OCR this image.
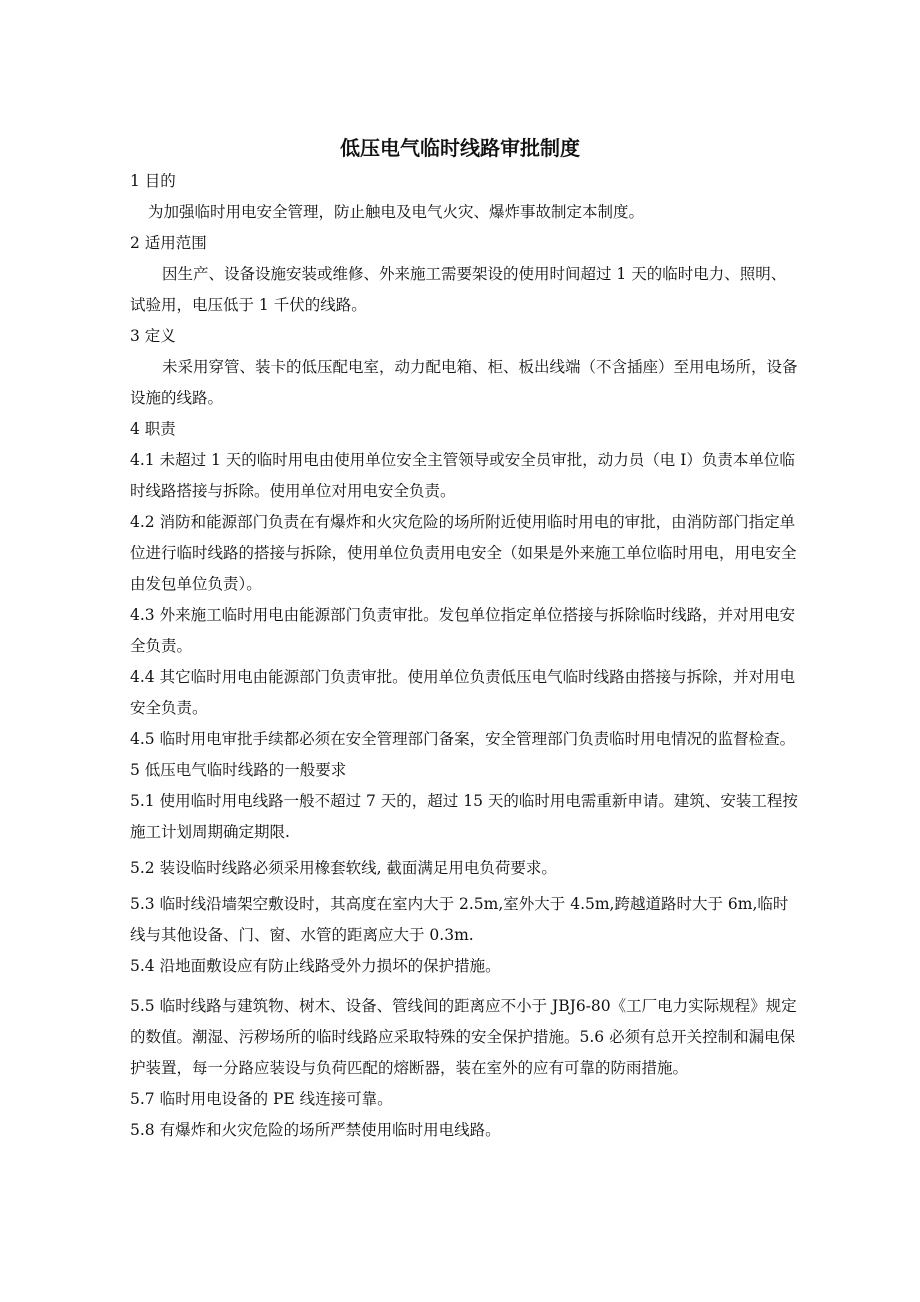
低压电气临时线路审批制度

1 目的

为加强临时用电安全管理，防止触电及电气火灾、爆炸事故制定本制度。

2 适用范围

因生产、设备设施安装或维修、外来施工需要架设的使用时间超过 1 天的临时电力、照明、试验用，电压低于 1 千伏的线路。

3 定义

未采用穿管、装卡的低压配电室，动力配电箱、柜、板出线端（不含插座）至用电场所，设备设施的线路。

4 职责

4.1 未超过 1 天的临时用电由使用单位安全主管领导或安全员审批，动力员（电 I）负责本单位临时线路搭接与拆除。使用单位对用电安全负责。

4.2 消防和能源部门负责在有爆炸和火灾危险的场所附近使用临时用电的审批，由消防部门指定单位进行临时线路的搭接与拆除，使用单位负责用电安全（如果是外来施工单位临时用电，用电安全由发包单位负责）。

4.3 外来施工临时用电由能源部门负责审批。发包单位指定单位搭接与拆除临时线路，并对用电安全负责。

4.4 其它临时用电由能源部门负责审批。使用单位负责低压电气临时线路由搭接与拆除，并对用电安全负责。

4.5 临时用电审批手续都必须在安全管理部门备案，安全管理部门负责临时用电情况的监督检查。

5 低压电气临时线路的一般要求

5.1 使用临时用电线路一般不超过 7 天的，超过 15 天的临时用电需重新申请。建筑、安装工程按施工计划周期确定期限.

5.2 装设临时线路必须采用橡套软线, 截面满足用电负荷要求。

5.3 临时线沿墙架空敷设时，其高度在室内大于 2.5m,室外大于 4.5m,跨越道路时大于 6m,临时线与其他设备、门、窗、水管的距离应大于 0.3m.

5.4 沿地面敷设应有防止线路受外力损坏的保护措施。

5.5 临时线路与建筑物、树木、设备、管线间的距离应不小于 JBJ6-80《工厂电力实际规程》规定的数值。潮湿、污秽场所的临时线路应采取特殊的安全保护措施。5.6 必须有总开关控制和漏电保护装置，每一分路应装设与负荷匹配的熔断器，装在室外的应有可靠的防雨措施。

5.7 临时用电设备的 PE 线连接可靠。

5.8 有爆炸和火灾危险的场所严禁使用临时用电线路。
